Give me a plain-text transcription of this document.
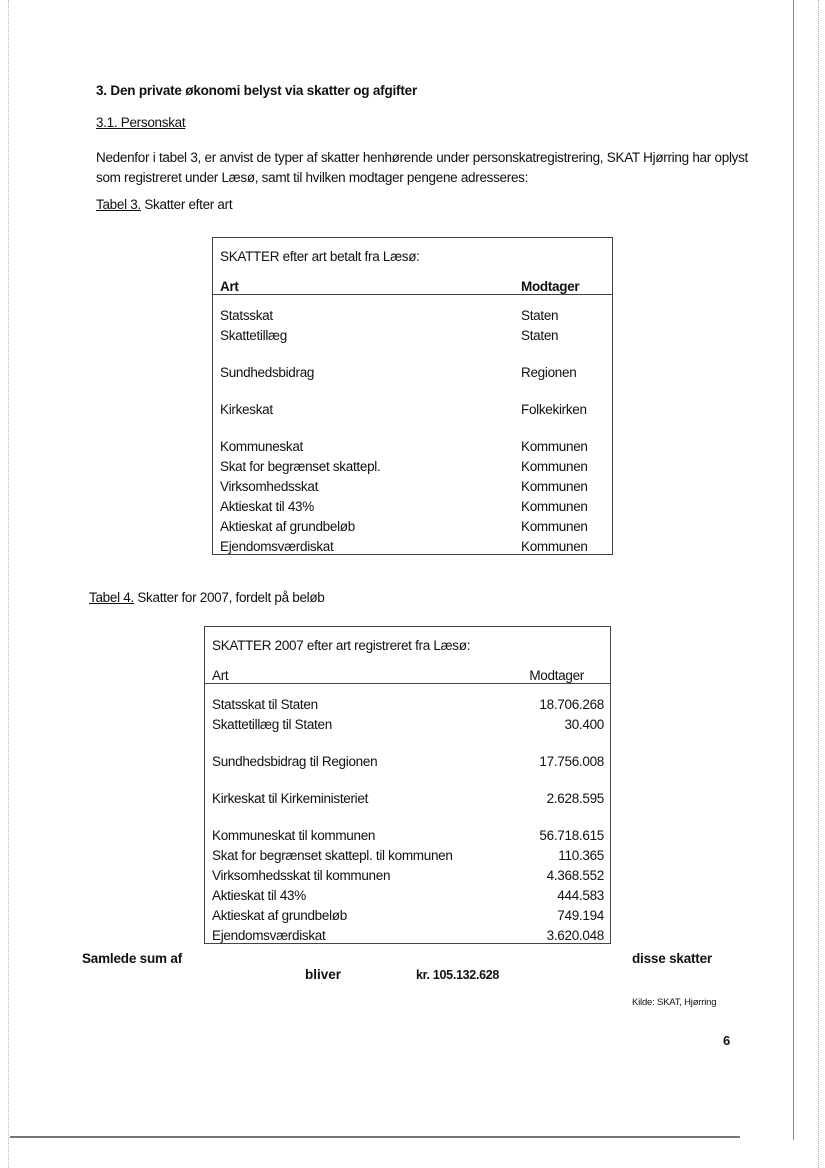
3. Den private økonomi belyst via skatter og afgifter
3.1. Personskat
Nedenfor i tabel 3, er anvist de typer af skatter henhørende under personskatregistrering, SKAT Hjørring har oplyst som registreret under Læsø, samt til hvilken modtager pengene adresseres:
Tabel 3. Skatter efter art
SKATTER efter art betalt fra Læsø:	
Art	Modtager
Statsskat	Staten
Skattetillæg	Staten
Sundhedsbidrag	Regionen
Kirkeskat	Folkekirken
Kommuneskat	Kommunen
Skat for begrænset skattepl.	Kommunen
Virksomhedsskat	Kommunen
Aktieskat til 43%	Kommunen
Aktieskat af grundbeløb	Kommunen
Ejendomsværdiskat	Kommunen
Tabel 4. Skatter for 2007, fordelt på beløb
SKATTER 2007 efter art registreret fra Læsø:	
Art	Modtager
Statsskat til Staten	18.706.268
Skattetillæg til Staten	30.400
Sundhedsbidrag til Regionen	17.756.008
Kirkeskat til Kirkeministeriet	2.628.595
Kommuneskat til kommunen	56.718.615
Skat for begrænset skattepl. til kommunen	110.365
Virksomhedsskat til kommunen	4.368.552
Aktieskat til 43%	444.583
Aktieskat af grundbeløb	749.194
Ejendomsværdiskat	3.620.048
Samlede sum af	disse skatter
bliver	kr. 105.132.628
Kilde: SKAT, Hjørring
6
